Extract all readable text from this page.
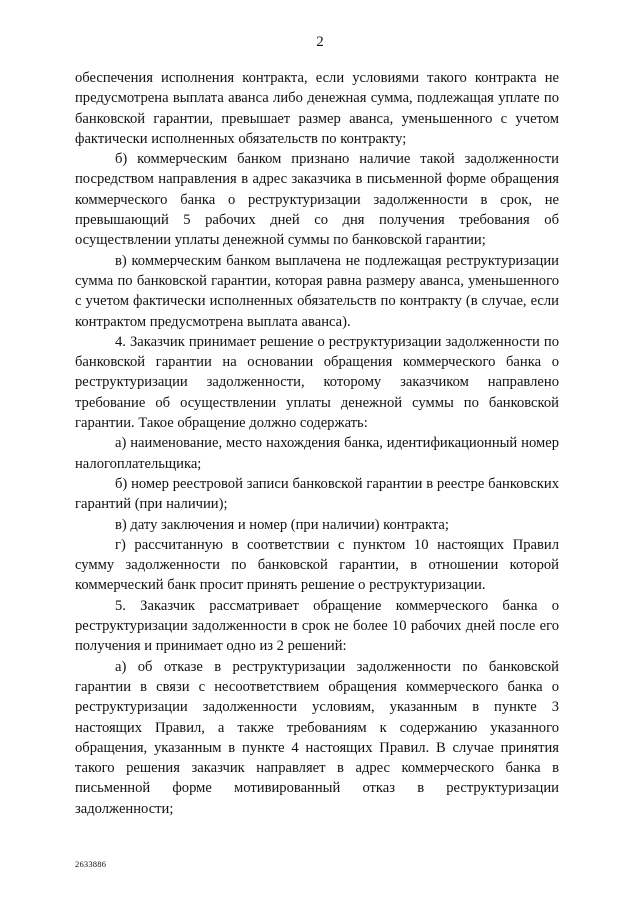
2

обеспечения исполнения контракта, если условиями такого контракта не предусмотрена выплата аванса либо денежная сумма, подлежащая уплате по банковской гарантии, превышает размер аванса, уменьшенного с учетом фактически исполненных обязательств по контракту;

б) коммерческим банком признано наличие такой задолженности посредством направления в адрес заказчика в письменной форме обращения коммерческого банка о реструктуризации задолженности в срок, не превышающий 5 рабочих дней со дня получения требования об осуществлении уплаты денежной суммы по банковской гарантии;

в) коммерческим банком выплачена не подлежащая реструктуризации сумма по банковской гарантии, которая равна размеру аванса, уменьшенного с учетом фактически исполненных обязательств по контракту (в случае, если контрактом предусмотрена выплата аванса).

4. Заказчик принимает решение о реструктуризации задолженности по банковской гарантии на основании обращения коммерческого банка о реструктуризации задолженности, которому заказчиком направлено требование об осуществлении уплаты денежной суммы по банковской гарантии. Такое обращение должно содержать:

а) наименование, место нахождения банка, идентификационный номер налогоплательщика;

б) номер реестровой записи банковской гарантии в реестре банковских гарантий (при наличии);

в) дату заключения и номер (при наличии) контракта;

г) рассчитанную в соответствии с пунктом 10 настоящих Правил сумму задолженности по банковской гарантии, в отношении которой коммерческий банк просит принять решение о реструктуризации.

5. Заказчик рассматривает обращение коммерческого банка о реструктуризации задолженности в срок не более 10 рабочих дней после его получения и принимает одно из 2 решений:

а) об отказе в реструктуризации задолженности по банковской гарантии в связи с несоответствием обращения коммерческого банка о реструктуризации задолженности условиям, указанным в пункте 3 настоящих Правил, а также требованиям к содержанию указанного обращения, указанным в пункте 4 настоящих Правил. В случае принятия такого решения заказчик направляет в адрес коммерческого банка в письменной форме мотивированный отказ в реструктуризации задолженности;

2633886
